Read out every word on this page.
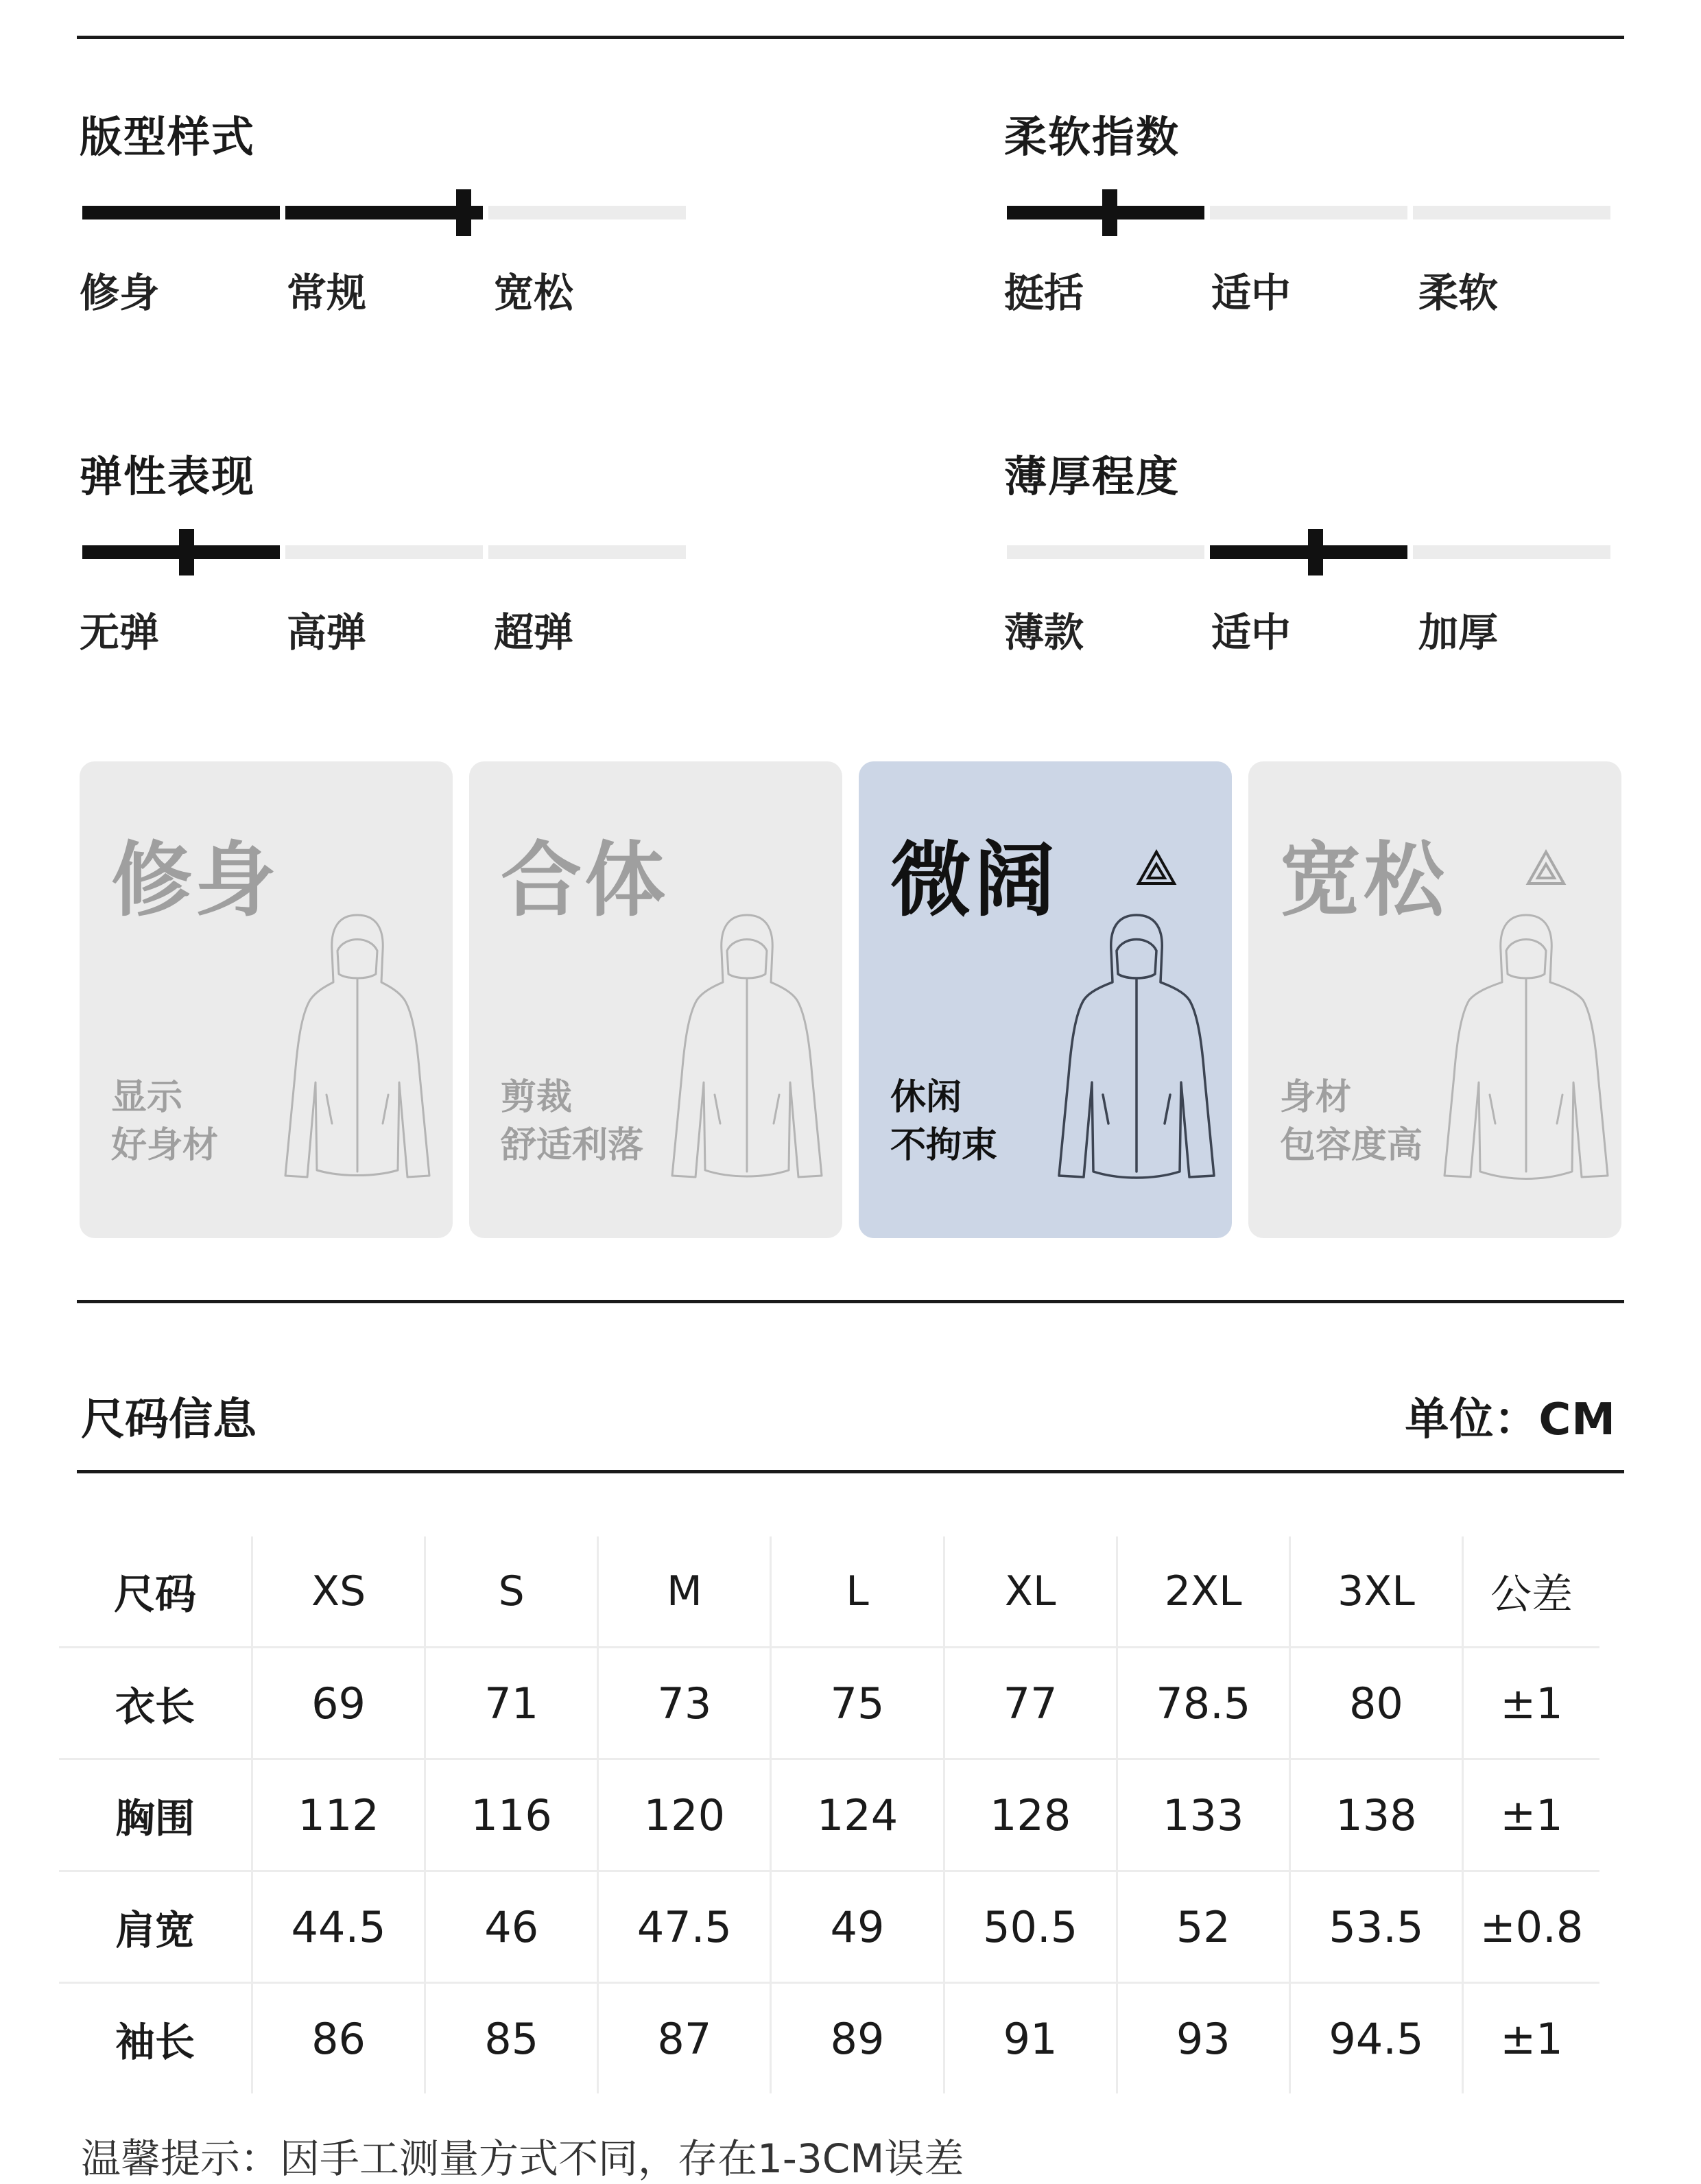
版型样式
修身	常规	宽松
柔软指数
挺括	适中	柔软
弹性表现
无弹	高弹	超弹
薄厚程度
薄款	适中	加厚
修身
显示
好身材
合体
剪裁
舒适利落
微阔
休闲
不拘束
宽松
身材
包容度高
尺码信息	单位：CM
尺码	XS	S	M	L	XL	2XL	3XL	公差
衣长	69	71	73	75	77	78.5	80	±1
胸围	112	116	120	124	128	133	138	±1
肩宽	44.5	46	47.5	49	50.5	52	53.5	±0.8
袖长	86	85	87	89	91	93	94.5	±1
温馨提示：因手工测量方式不同，存在1-3CM误差
